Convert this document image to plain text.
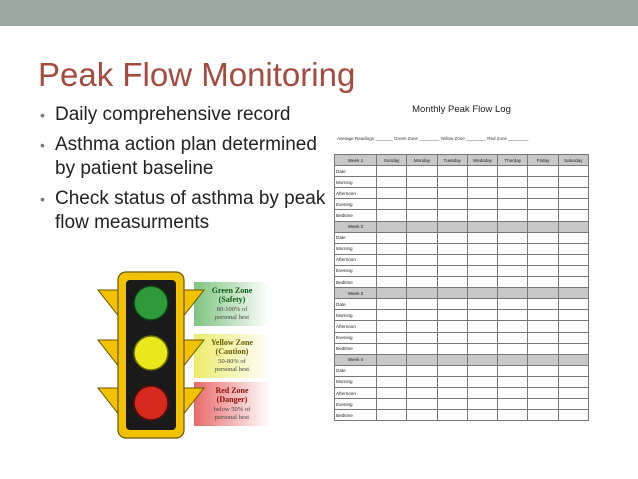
Peak Flow Monitoring
• Daily comprehensive record
• Asthma action plan determined by patient baseline
• Check status of asthma by peak flow measurments
Green Zone
(Safety)
80-100% of
personal best
Yellow Zone
(Caution)
50-80% of
personal best
Red Zone
(Danger)
below 50% of
personal best
Monthly Peak Flow Log
Average Readings _______ Green Zone ________ Yellow Zone ________ Red Zone ________
Week 1	Sunday	Monday	Tuesday	Wedsday	Thurday	Friday	Saturday
Date							
Morning							
Afternoon							
Evening							
Bedtime							
Week 2							
Date							
Morning							
Afternoon							
Evening							
Bedtime							
Week 3							
Date							
Morning							
Afternoon							
Evening							
Bedtime							
Week 4							
Date							
Morning							
Afternoon							
Evening							
Bedtime							
